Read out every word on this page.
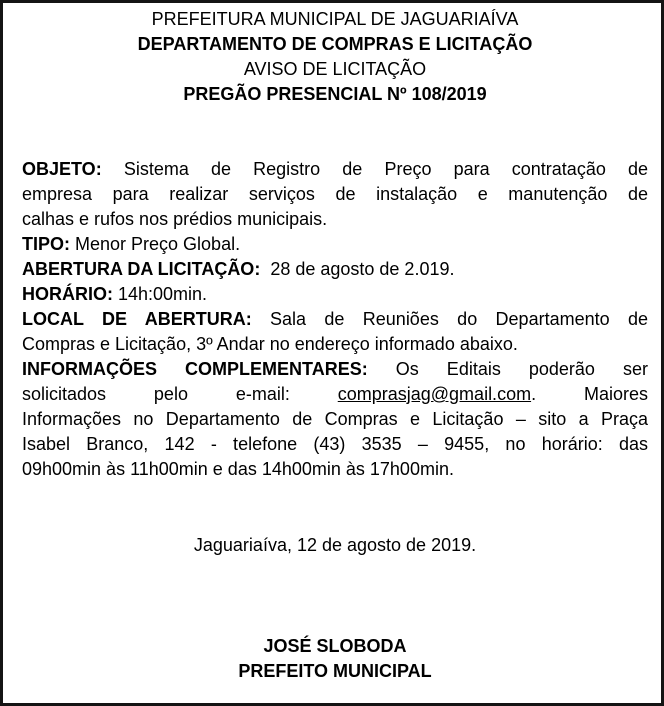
PREFEITURA MUNICIPAL DE JAGUARIAÍVA
DEPARTAMENTO DE COMPRAS E LICITAÇÃO
AVISO DE LICITAÇÃO
PREGÃO PRESENCIAL Nº 108/2019
OBJETO: Sistema de Registro de Preço para contratação de
empresa para realizar serviços de instalação e manutenção de
calhas e rufos nos prédios municipais.
TIPO: Menor Preço Global.
ABERTURA DA LICITAÇÃO:  28 de agosto de 2.019.
HORÁRIO: 14h:00min.
LOCAL DE ABERTURA: Sala de Reuniões do Departamento de
Compras e Licitação, 3º Andar no endereço informado abaixo.
INFORMAÇÕES COMPLEMENTARES: Os Editais poderão ser
solicitados pelo e-mail: comprasjag@gmail.com. Maiores
Informações no Departamento de Compras e Licitação – sito a Praça
Isabel Branco, 142 - telefone (43) 3535 – 9455, no horário: das
09h00min às 11h00min e das 14h00min às 17h00min.
Jaguariaíva, 12 de agosto de 2019.
JOSÉ SLOBODA
PREFEITO MUNICIPAL
